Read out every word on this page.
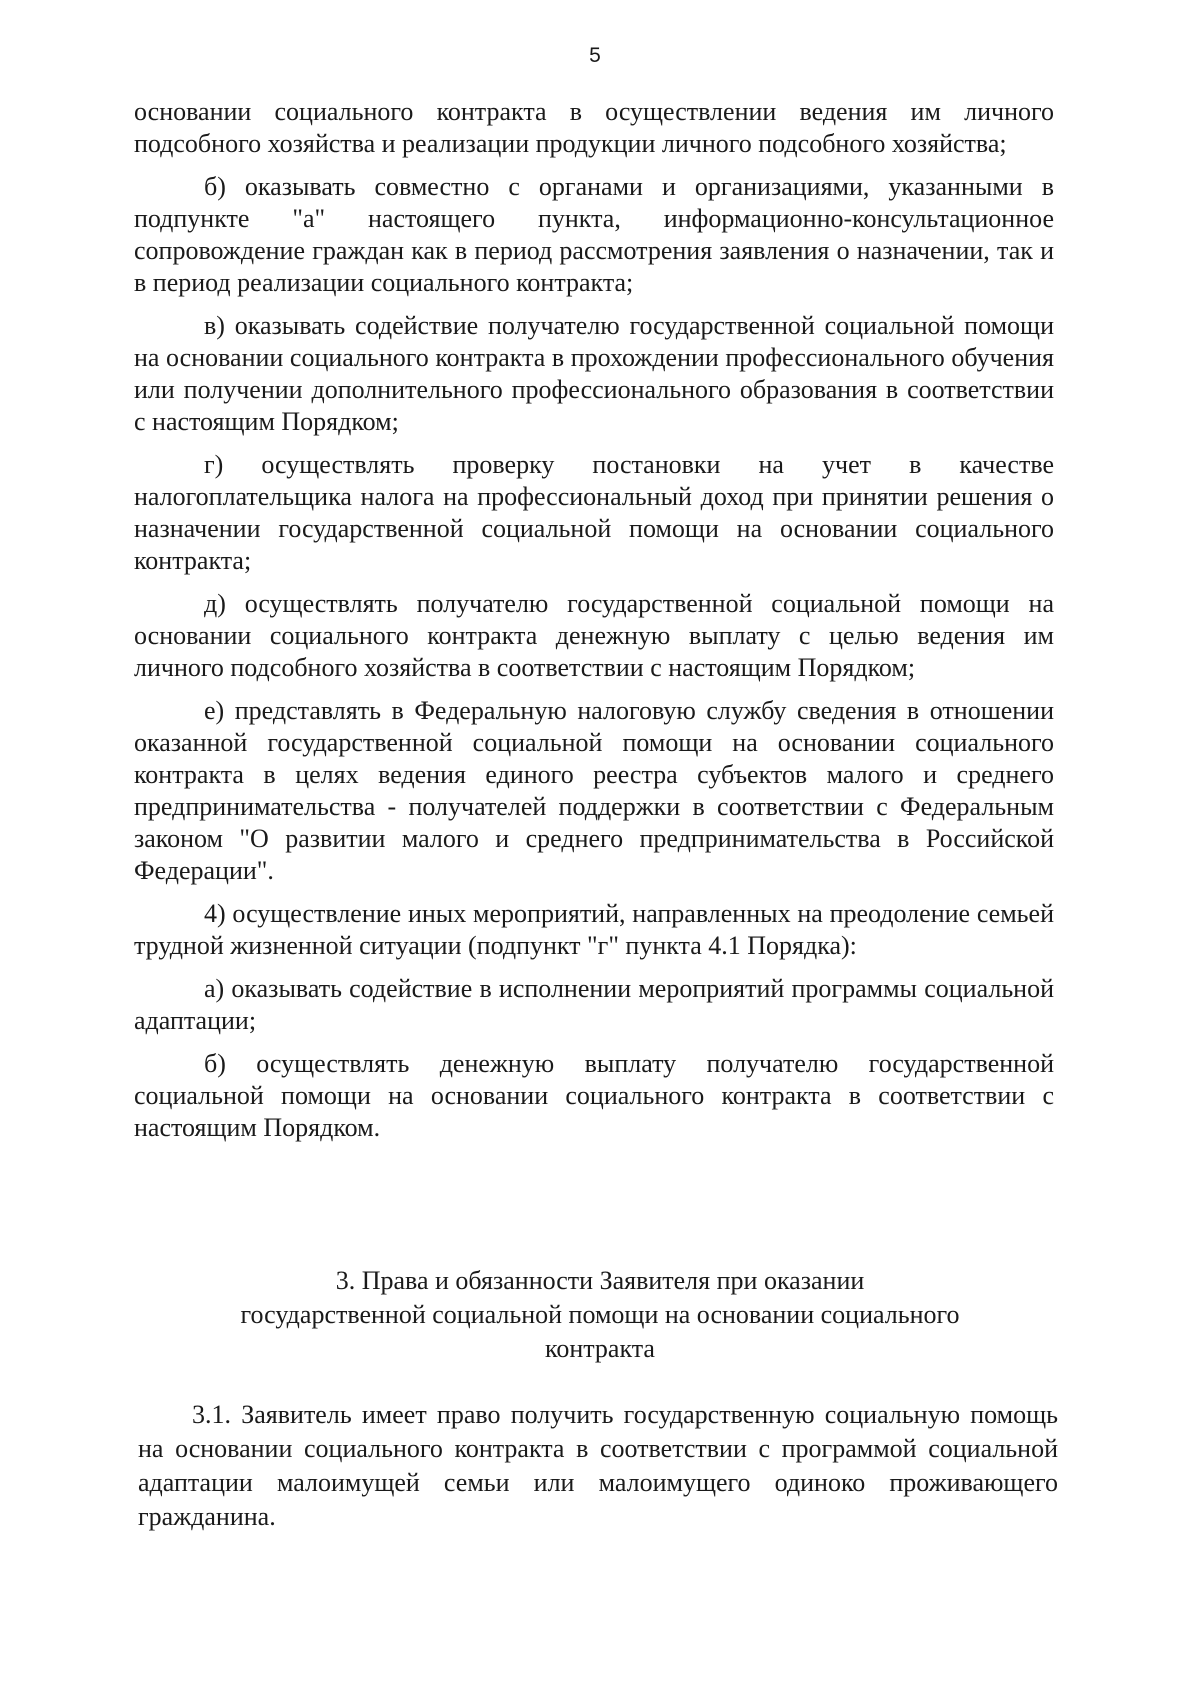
5

основании социального контракта в осуществлении ведения им личного подсобного хозяйства и реализации продукции личного подсобного хозяйства;

б) оказывать совместно с органами и организациями, указанными в подпункте "а" настоящего пункта, информационно-консультационное сопровождение граждан как в период рассмотрения заявления о назначении, так и в период реализации социального контракта;

в) оказывать содействие получателю государственной социальной помощи на основании социального контракта в прохождении профессионального обучения или получении дополнительного профессионального образования в соответствии с настоящим Порядком;

г) осуществлять проверку постановки на учет в качестве налогоплательщика налога на профессиональный доход при принятии решения о назначении государственной социальной помощи на основании социального контракта;

д) осуществлять получателю государственной социальной помощи на основании социального контракта денежную выплату с целью ведения им личного подсобного хозяйства в соответствии с настоящим Порядком;

е) представлять в Федеральную налоговую службу сведения в отношении оказанной государственной социальной помощи на основании социального контракта в целях ведения единого реестра субъектов малого и среднего предпринимательства - получателей поддержки в соответствии с Федеральным законом "О развитии малого и среднего предпринимательства в Российской Федерации".

4) осуществление иных мероприятий, направленных на преодоление семьей трудной жизненной ситуации (подпункт "г" пункта 4.1 Порядка):

а) оказывать содействие в исполнении мероприятий программы социальной адаптации;

б) осуществлять денежную выплату получателю государственной социальной помощи на основании социального контракта в соответствии с настоящим Порядком.

3. Права и обязанности Заявителя при оказании
государственной социальной помощи на основании социального
контракта

3.1. Заявитель имеет право получить государственную социальную помощь на основании социального контракта в соответствии с программой социальной адаптации малоимущей семьи или малоимущего одиноко проживающего гражданина.
